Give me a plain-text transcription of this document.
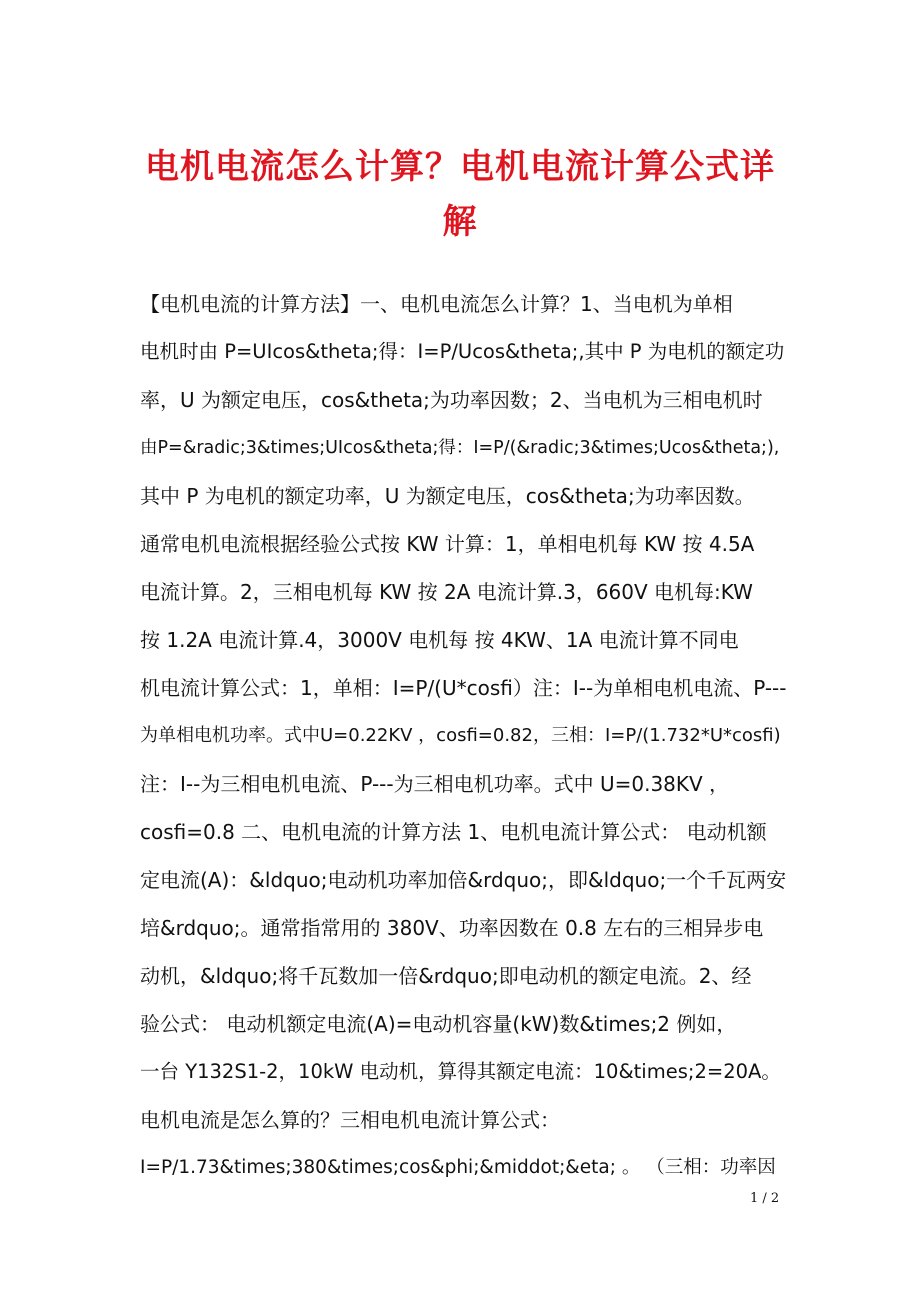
电机电流怎么计算？电机电流计算公式详
解
【电机电流的计算方法】一、电机电流怎么计算？1、当电机为单相
电机时由 P=UIcos&theta;得：I=P/Ucos&theta;,其中 P 为电机的额定功
率，U 为额定电压，cos&theta;为功率因数；2、当电机为三相电机时
由P=&radic;3&times;UIcos&theta;得：I=P/(&radic;3&times;Ucos&theta;),
其中 P 为电机的额定功率，U 为额定电压，cos&theta;为功率因数。
通常电机电流根据经验公式按 KW 计算：1，单相电机每 KW 按 4.5A
电流计算。2，三相电机每 KW 按 2A 电流计算.3，660V 电机每:KW
按 1.2A 电流计算.4，3000V 电机每 按 4KW、1A 电流计算不同电
机电流计算公式：1，单相：I=P/(U*cosfi）注：I--为单相电机电流、P---
为单相电机功率。式中U=0.22KV ，cosfi=0.82，三相：I=P/(1.732*U*cosfi)
注：I--为三相电机电流、P---为三相电机功率。式中 U=0.38KV ，
cosfi=0.8 二、电机电流的计算方法 1、电机电流计算公式： 电动机额
定电流(A)：&ldquo;电动机功率加倍&rdquo;，即&ldquo;一个千瓦两安
培&rdquo;。通常指常用的 380V、功率因数在 0.8 左右的三相异步电
动机，&ldquo;将千瓦数加一倍&rdquo;即电动机的额定电流。2、经
验公式： 电动机额定电流(A)=电动机容量(kW)数&times;2 例如，
一台 Y132S1-2，10kW 电动机，算得其额定电流：10&times;2=20A。
电机电流是怎么算的？三相电机电流计算公式：
I=P/1.73&times;380&times;cos&phi;&middot;&eta; 。 （三相：功率因
1 / 2
